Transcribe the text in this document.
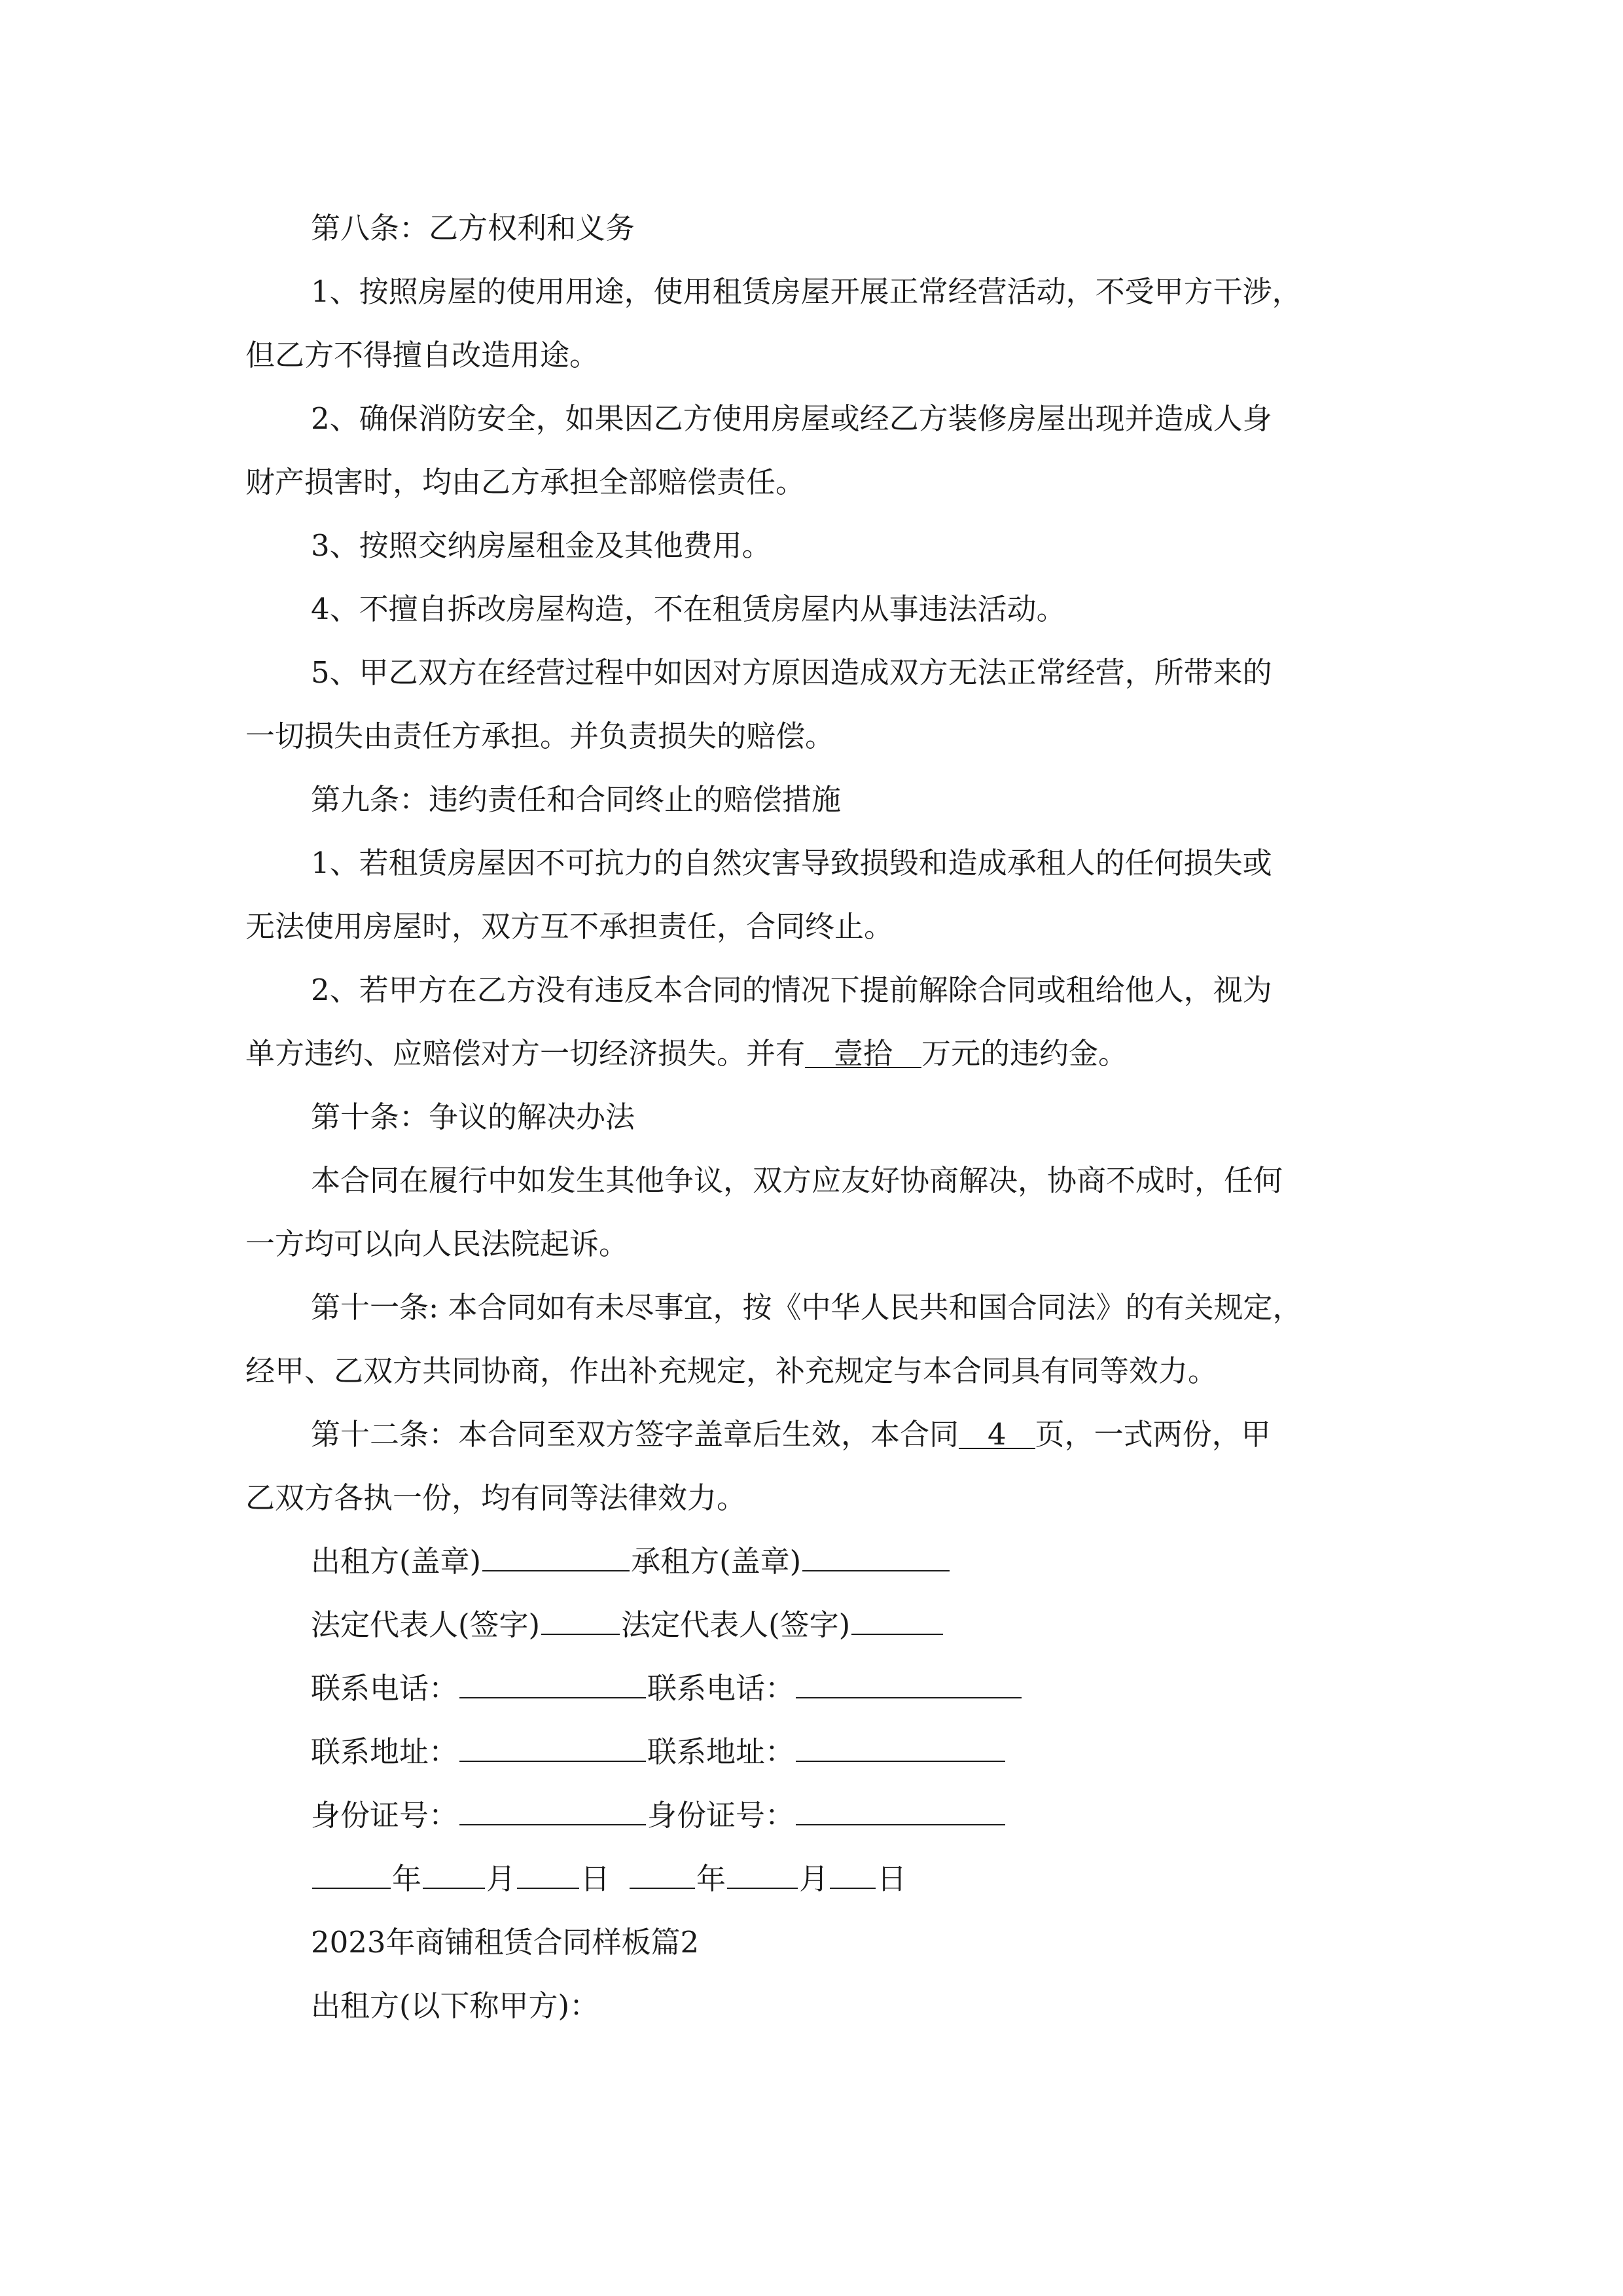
第八条：乙方权利和义务

1、按照房屋的使用用途，使用租赁房屋开展正常经营活动，不受甲方干涉，

但乙方不得擅自改造用途。

2、确保消防安全，如果因乙方使用房屋或经乙方装修房屋出现并造成人身

财产损害时，均由乙方承担全部赔偿责任。

3、按照交纳房屋租金及其他费用。

4、不擅自拆改房屋构造，不在租赁房屋内从事违法活动。

5、甲乙双方在经营过程中如因对方原因造成双方无法正常经营，所带来的

一切损失由责任方承担。并负责损失的赔偿。

第九条：违约责任和合同终止的赔偿措施

1、若租赁房屋因不可抗力的自然灾害导致损毁和造成承租人的任何损失或

无法使用房屋时，双方互不承担责任，合同终止。

2、若甲方在乙方没有违反本合同的情况下提前解除合同或租给他人，视为

单方违约、应赔偿对方一切经济损失。并有 壹拾 万元的违约金。

第十条：争议的解决办法

本合同在履行中如发生其他争议，双方应友好协商解决，协商不成时，任何

一方均可以向人民法院起诉。

第十一条: 本合同如有未尽事宜，按《中华人民共和国合同法》的有关规定，

经甲、乙双方共同协商，作出补充规定，补充规定与本合同具有同等效力。

第十二条：本合同至双方签字盖章后生效，本合同 4 页，一式两份，甲

乙双方各执一份，均有同等法律效力。

出租方(盖章)	承租方(盖章)

法定代表人(签字)	法定代表人(签字)

联系电话：	联系电话：

联系地址：	联系地址：

身份证号：	身份证号：

年 月 日	年 月 日

2023年商铺租赁合同样板篇2

出租方(以下称甲方)：
